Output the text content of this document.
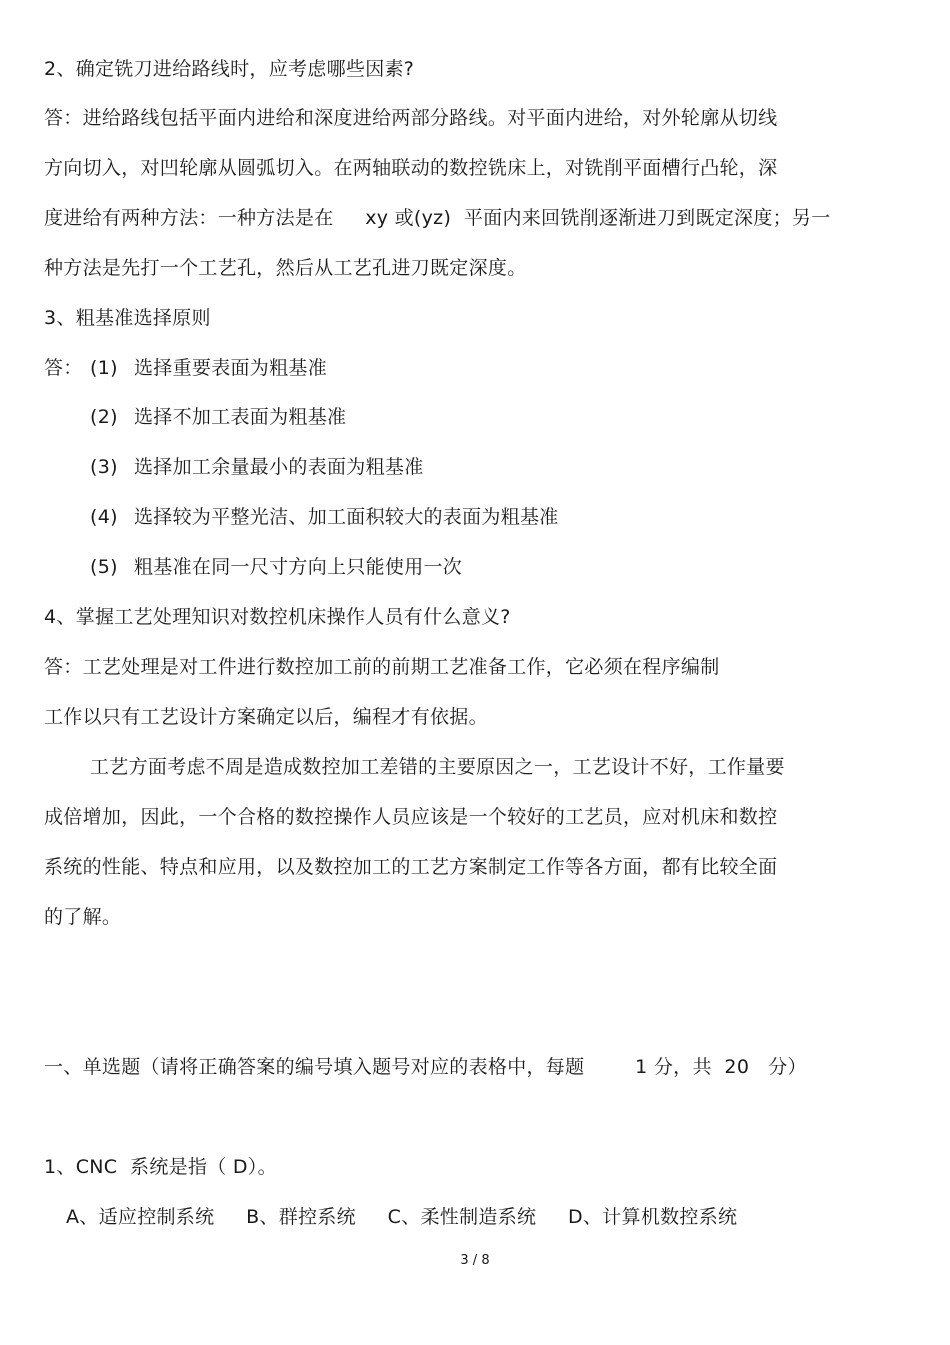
2、确定铣刀进给路线时，应考虑哪些因素?
答：进给路线包括平面内进给和深度进给两部分路线。对平面内进给，对外轮廓从切线
方向切入，对凹轮廓从圆弧切入。在两轴联动的数控铣床上，对铣削平面槽行凸轮，深
度进给有两种方法：一种方法是在     xy 或(yz)  平面内来回铣削逐渐进刀到既定深度；另一
种方法是先打一个工艺孔，然后从工艺孔进刀既定深度。
3、粗基准选择原则
答： (1) 选择重要表面为粗基准
(2) 选择不加工表面为粗基准
(3) 选择加工余量最小的表面为粗基准
(4) 选择较为平整光洁、加工面积较大的表面为粗基准
(5) 粗基准在同一尺寸方向上只能使用一次
4、掌握工艺处理知识对数控机床操作人员有什么意义?
答：工艺处理是对工件进行数控加工前的前期工艺准备工作，它必须在程序编制
工作以只有工艺设计方案确定以后，编程才有依据。
工艺方面考虑不周是造成数控加工差错的主要原因之一，工艺设计不好，工作量要
成倍增加，因此，一个合格的数控操作人员应该是一个较好的工艺员，应对机床和数控
系统的性能、特点和应用，以及数控加工的工艺方案制定工作等各方面，都有比较全面
的了解。
一、单选题（请将正确答案的编号填入题号对应的表格中，每题        1 分，共  20   分）
1、CNC  系统是指（ D）。
A、适应控制系统     B、群控系统     C、柔性制造系统     D、计算机数控系统
3 / 8
